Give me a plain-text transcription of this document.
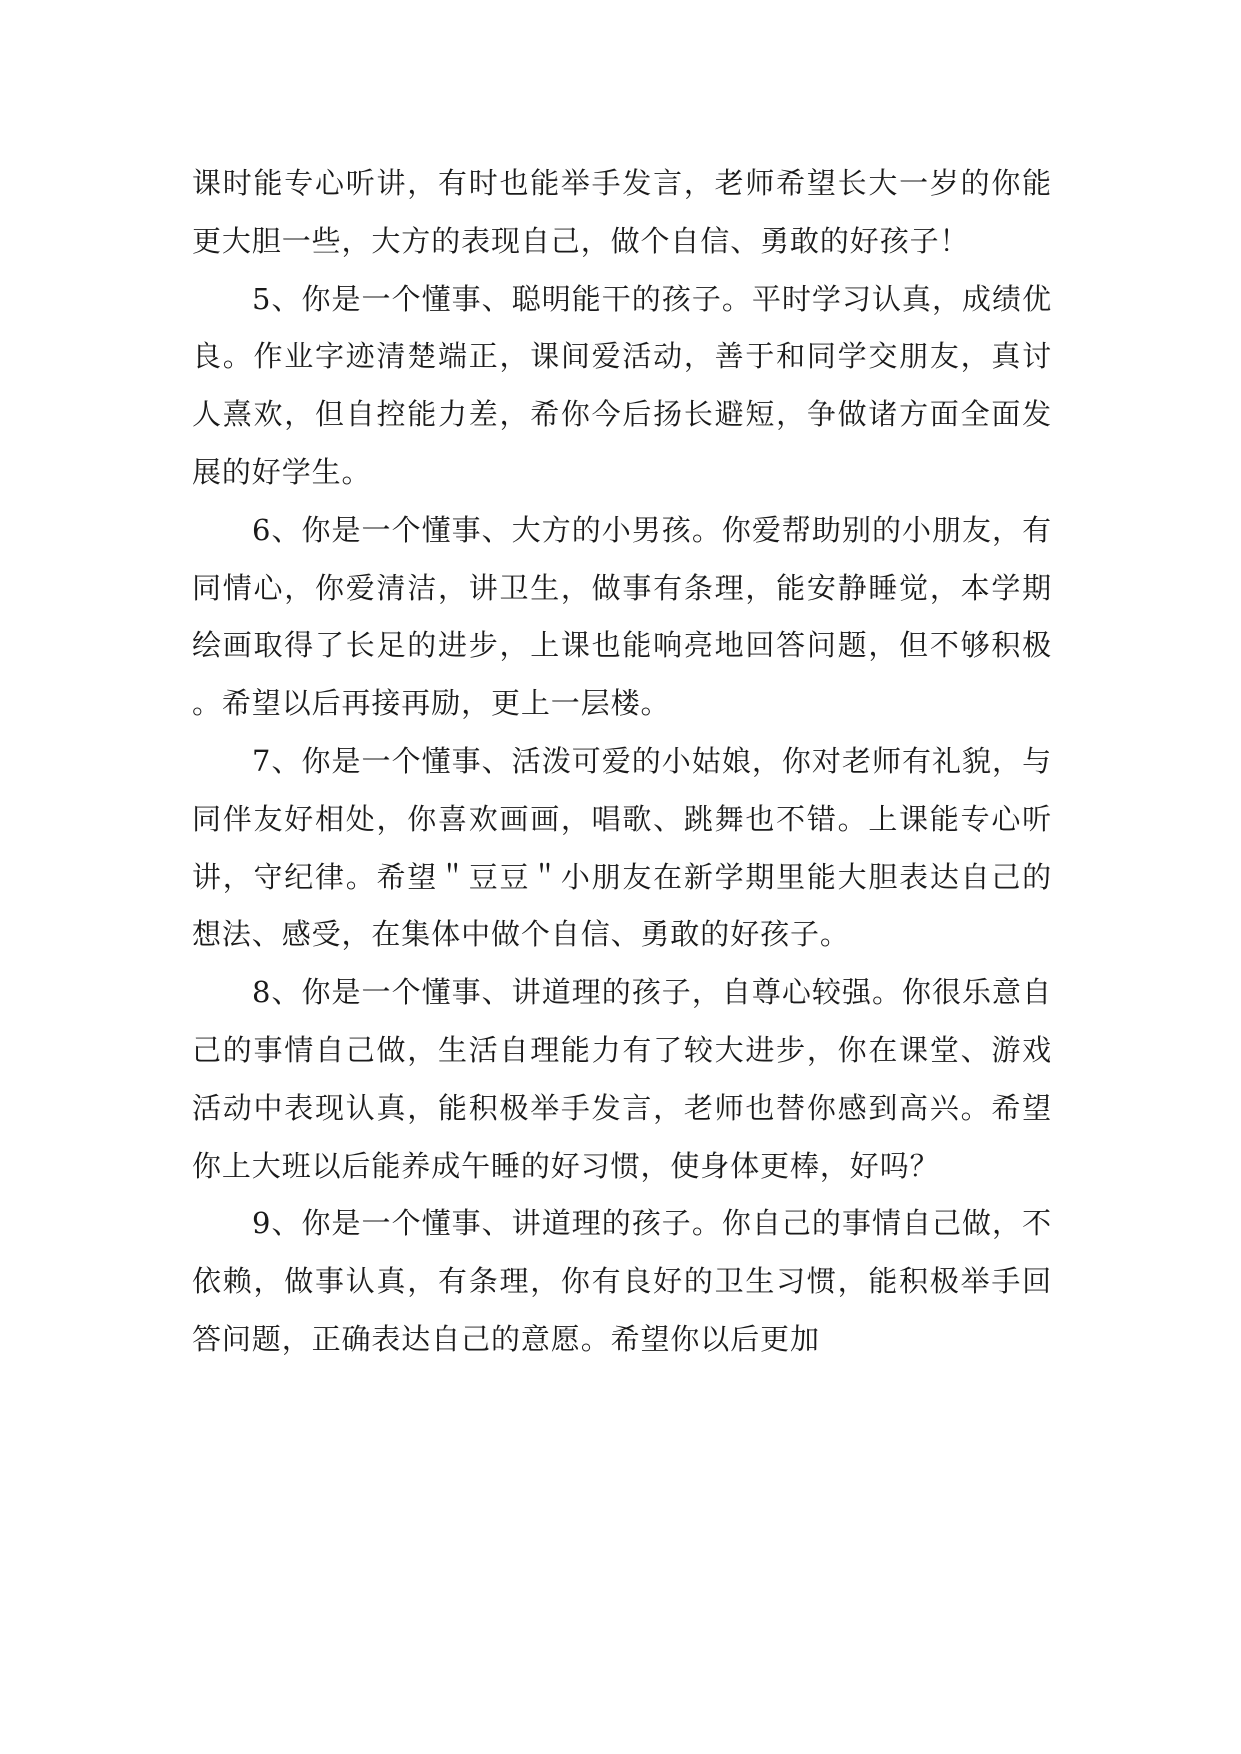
课时能专心听讲，有时也能举手发言，老师希望长大一岁的你能更大胆一些，大方的表现自己，做个自信、勇敢的好孩子！

5、你是一个懂事、聪明能干的孩子。平时学习认真，成绩优良。作业字迹清楚端正，课间爱活动，善于和同学交朋友，真讨人熹欢，但自控能力差，希你今后扬长避短，争做诸方面全面发展的好学生。

6、你是一个懂事、大方的小男孩。你爱帮助别的小朋友，有同情心，你爱清洁，讲卫生，做事有条理，能安静睡觉，本学期绘画取得了长足的进步，上课也能响亮地回答问题，但不够积极。希望以后再接再励，更上一层楼。

7、你是一个懂事、活泼可爱的小姑娘，你对老师有礼貌，与同伴友好相处，你喜欢画画，唱歌、跳舞也不错。上课能专心听讲，守纪律。希望＂豆豆＂小朋友在新学期里能大胆表达自己的想法、感受，在集体中做个自信、勇敢的好孩子。

8、你是一个懂事、讲道理的孩子，自尊心较强。你很乐意自己的事情自己做，生活自理能力有了较大进步，你在课堂、游戏活动中表现认真，能积极举手发言，老师也替你感到高兴。希望你上大班以后能养成午睡的好习惯，使身体更棒，好吗？

9、你是一个懂事、讲道理的孩子。你自己的事情自己做，不依赖，做事认真，有条理，你有良好的卫生习惯，能积极举手回答问题，正确表达自己的意愿。希望你以后更加
